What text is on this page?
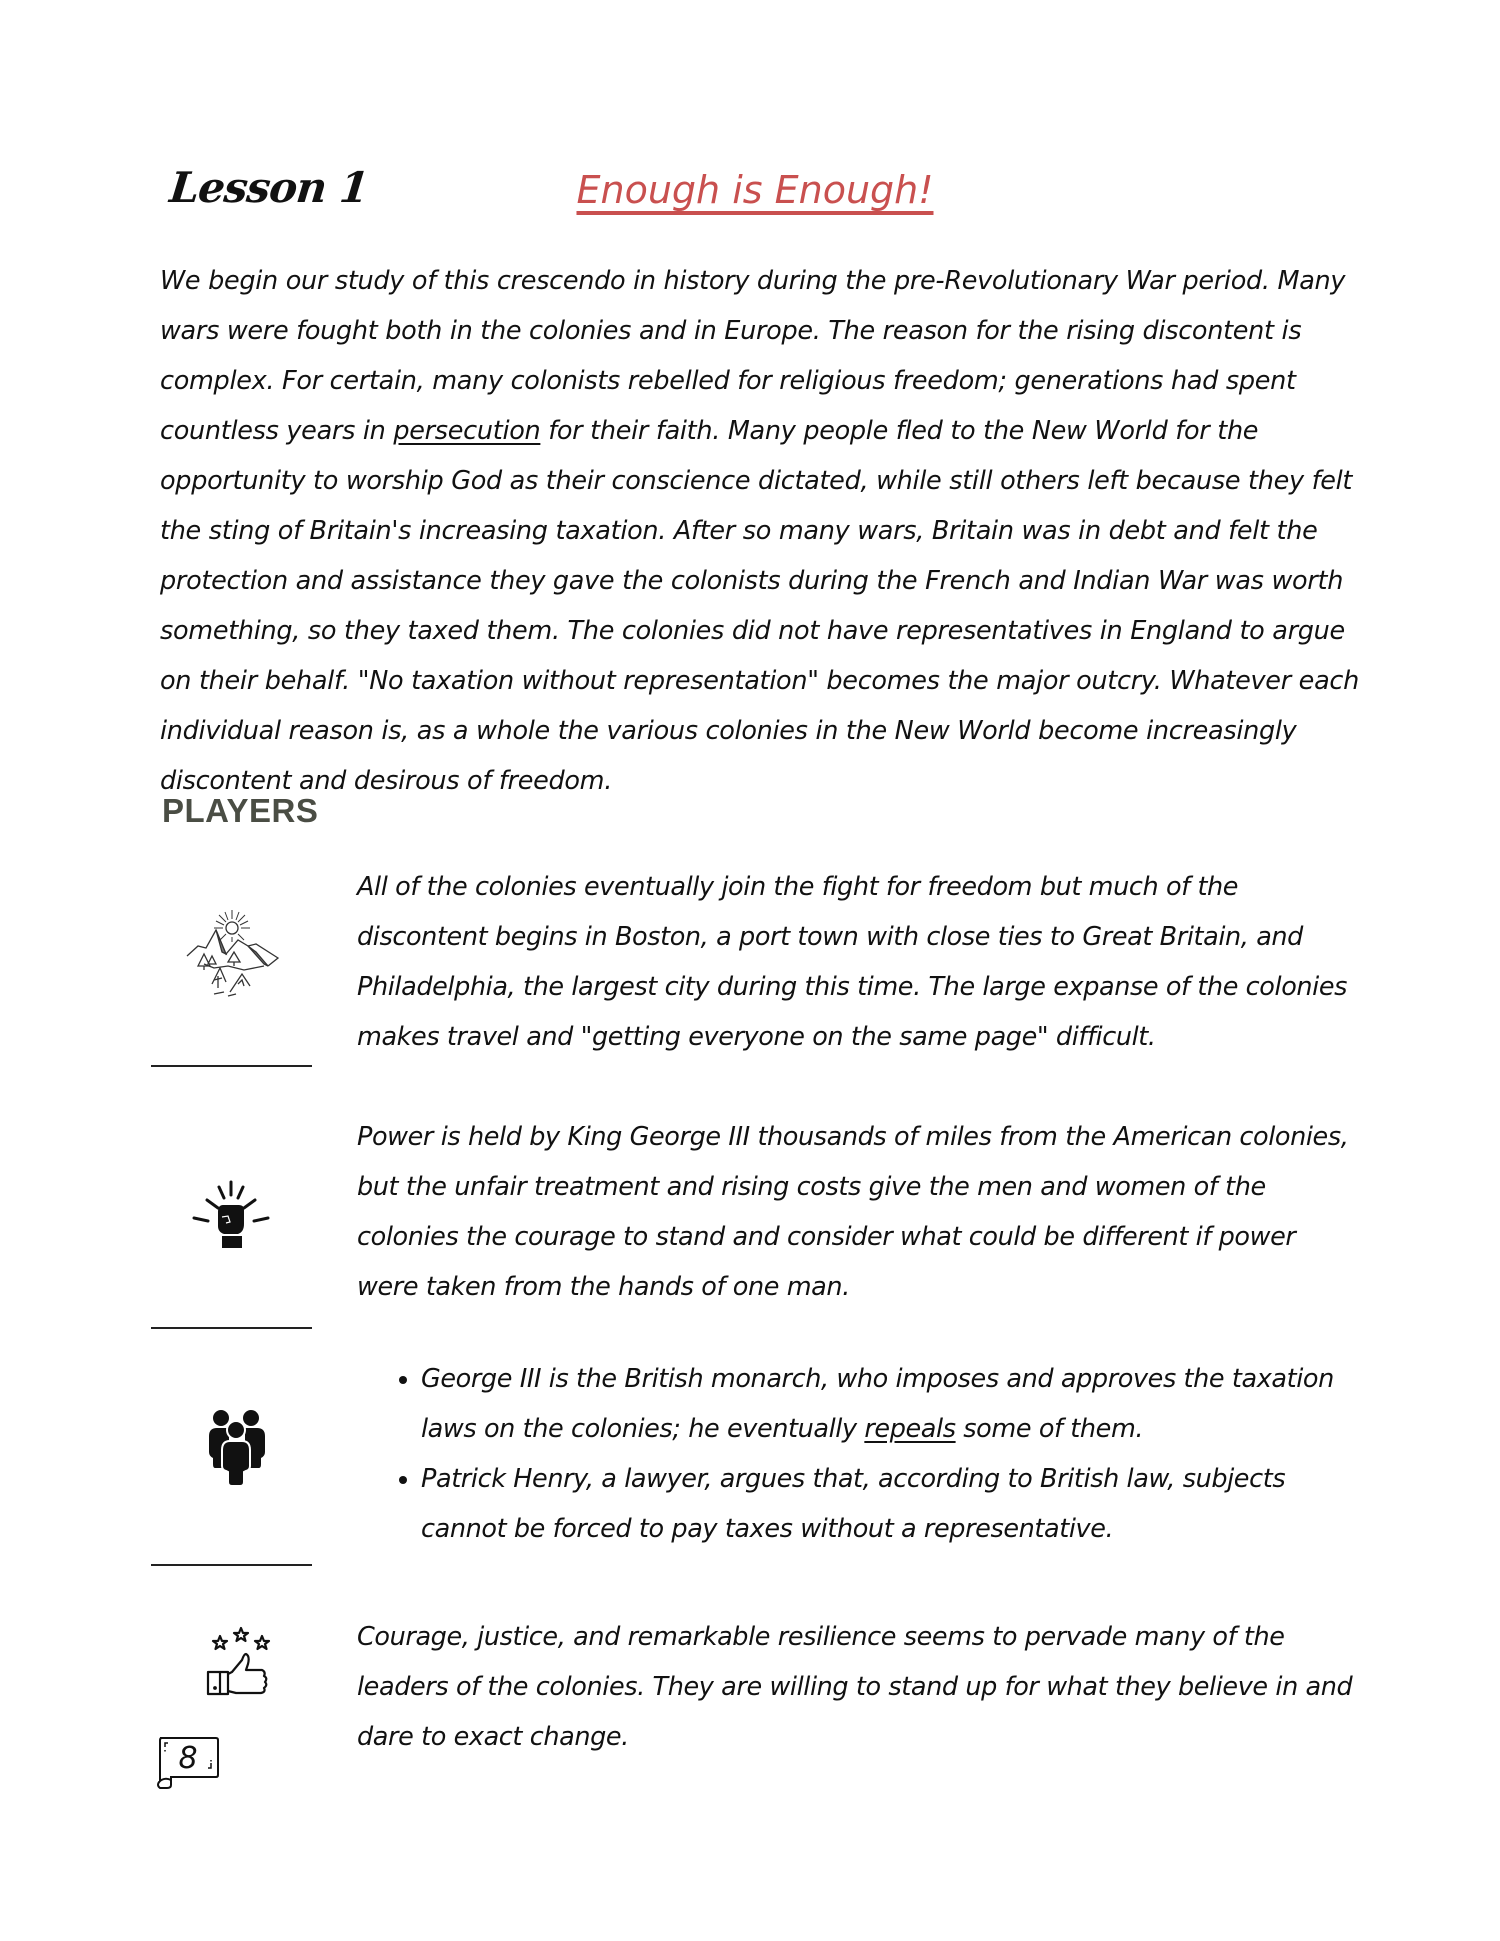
Lesson 1	Enough is Enough!

We begin our study of this crescendo in history during the pre-Revolutionary War period. Many wars were fought both in the colonies and in Europe. The reason for the rising discontent is complex. For certain, many colonists rebelled for religious freedom; generations had spent countless years in persecution for their faith. Many people fled to the New World for the opportunity to worship God as their conscience dictated, while still others left because they felt the sting of Britain's increasing taxation. After so many wars, Britain was in debt and felt the protection and assistance they gave the colonists during the French and Indian War was worth something, so they taxed them. The colonies did not have representatives in England to argue on their behalf. "No taxation without representation" becomes the major outcry. Whatever each individual reason is, as a whole the various colonies in the New World become increasingly discontent and desirous of freedom.

PLAYERS

All of the colonies eventually join the fight for freedom but much of the discontent begins in Boston, a port town with close ties to Great Britain, and Philadelphia, the largest city during this time. The large expanse of the colonies makes travel and "getting everyone on the same page" difficult.

Power is held by King George III thousands of miles from the American colonies, but the unfair treatment and rising costs give the men and women of the colonies the courage to stand and consider what could be different if power were taken from the hands of one man.

• George III is the British monarch, who imposes and approves the taxation laws on the colonies; he eventually repeals some of them.
• Patrick Henry, a lawyer, argues that, according to British law, subjects cannot be forced to pay taxes without a representative.

Courage, justice, and remarkable resilience seems to pervade many of the leaders of the colonies. They are willing to stand up for what they believe in and dare to exact change.

8
